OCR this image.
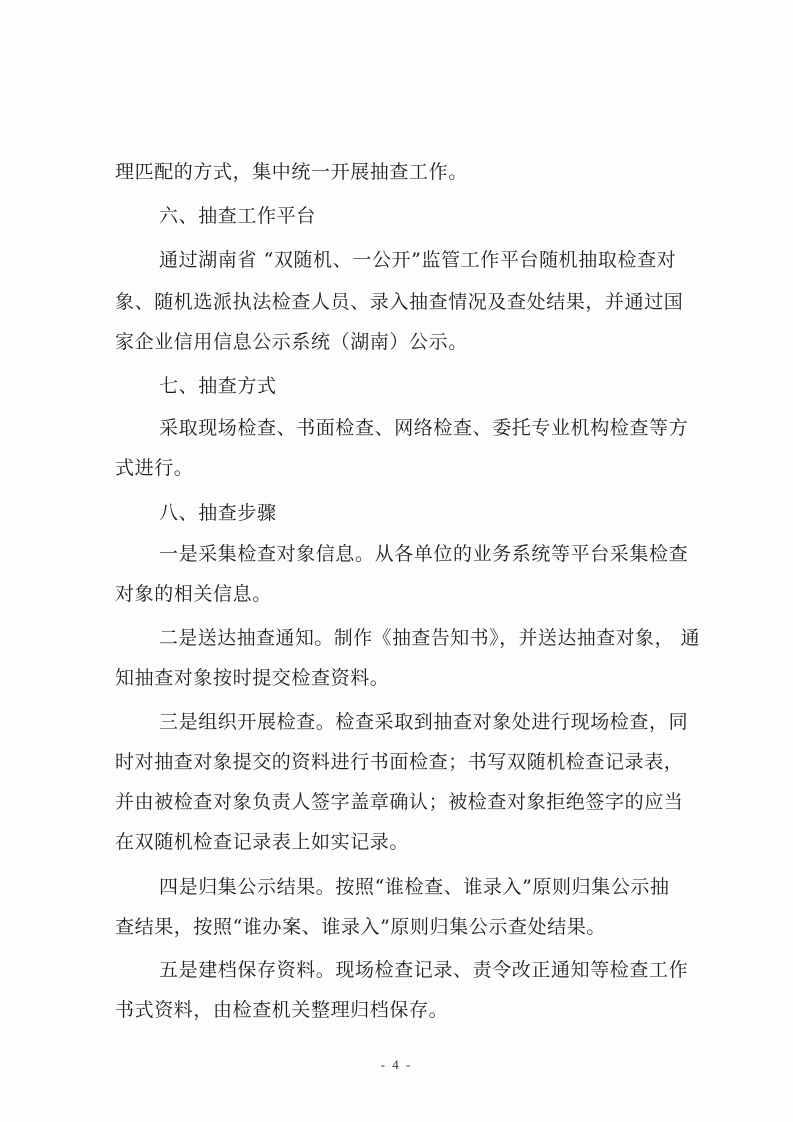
理匹配的方式，集中统一开展抽查工作。
六、抽查工作平台
通过湖南省 “双随机、一公开”监管工作平台随机抽取检查对
象、随机选派执法检查人员、录入抽查情况及查处结果，并通过国
家企业信用信息公示系统（湖南）公示。
七、抽查方式
采取现场检查、书面检查、网络检查、委托专业机构检查等方
式进行。
八、抽查步骤
一是采集检查对象信息。从各单位的业务系统等平台采集检查
对象的相关信息。
二是送达抽查通知。制作《抽查告知书》，并送达抽查对象， 通
知抽查对象按时提交检查资料。
三是组织开展检查。检查采取到抽查对象处进行现场检查，同
时对抽查对象提交的资料进行书面检查；书写双随机检查记录表，
并由被检查对象负责人签字盖章确认；被检查对象拒绝签字的应当
在双随机检查记录表上如实记录。
四是归集公示结果。按照“谁检查、谁录入”原则归集公示抽
查结果，按照“谁办案、谁录入”原则归集公示查处结果。
五是建档保存资料。现场检查记录、责令改正通知等检查工作
书式资料，由检查机关整理归档保存。
- 4 -
